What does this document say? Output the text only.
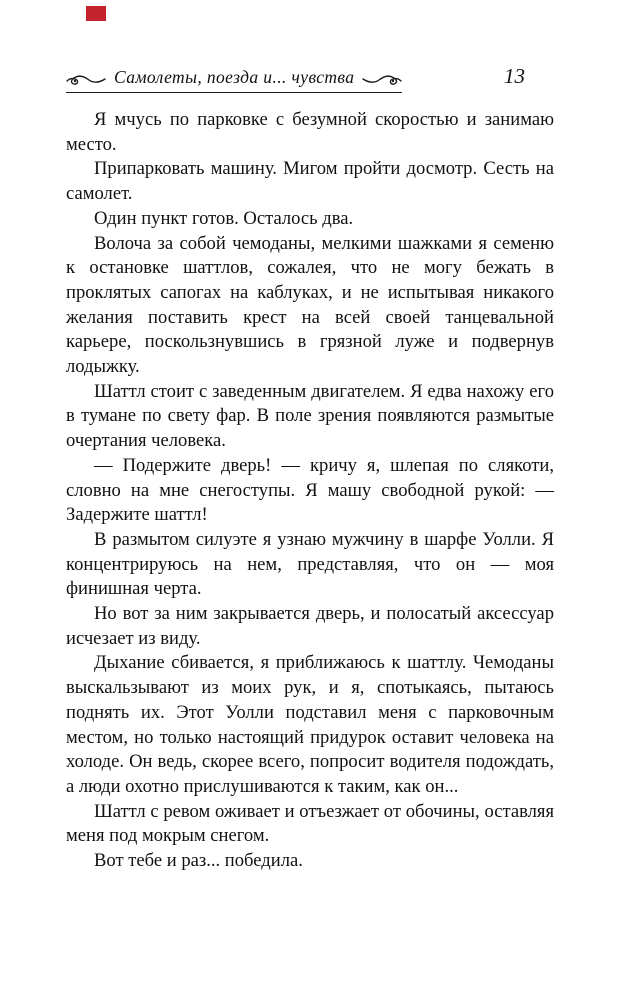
Самолеты, поезда и... чувства	13

Я мчусь по парковке с безумной скоростью и занимаю место.

Припарковать машину. Мигом пройти досмотр. Сесть на самолет.

Один пункт готов. Осталось два.

Волоча за собой чемоданы, мелкими шажками я семеню к остановке шаттлов, сожалея, что не могу бежать в проклятых сапогах на каблуках, и не испытывая никакого желания поставить крест на всей своей танцевальной карьере, поскользнувшись в грязной луже и подвернув лодыжку.

Шаттл стоит с заведенным двигателем. Я едва нахожу его в тумане по свету фар. В поле зрения появляются размытые очертания человека.

— Подержите дверь! — кричу я, шлепая по слякоти, словно на мне снегоступы. Я машу свободной рукой: — Задержите шаттл!

В размытом силуэте я узнаю мужчину в шарфе Уолли. Я концентрируюсь на нем, представляя, что он — моя финишная черта.

Но вот за ним закрывается дверь, и полосатый аксессуар исчезает из виду.

Дыхание сбивается, я приближаюсь к шаттлу. Чемоданы выскальзывают из моих рук, и я, спотыкаясь, пытаюсь поднять их. Этот Уолли подставил меня с парковочным местом, но только настоящий придурок оставит человека на холоде. Он ведь, скорее всего, попросит водителя подождать, а люди охотно прислушиваются к таким, как он...

Шаттл с ревом оживает и отъезжает от обочины, оставляя меня под мокрым снегом.

Вот тебе и раз... победила.
